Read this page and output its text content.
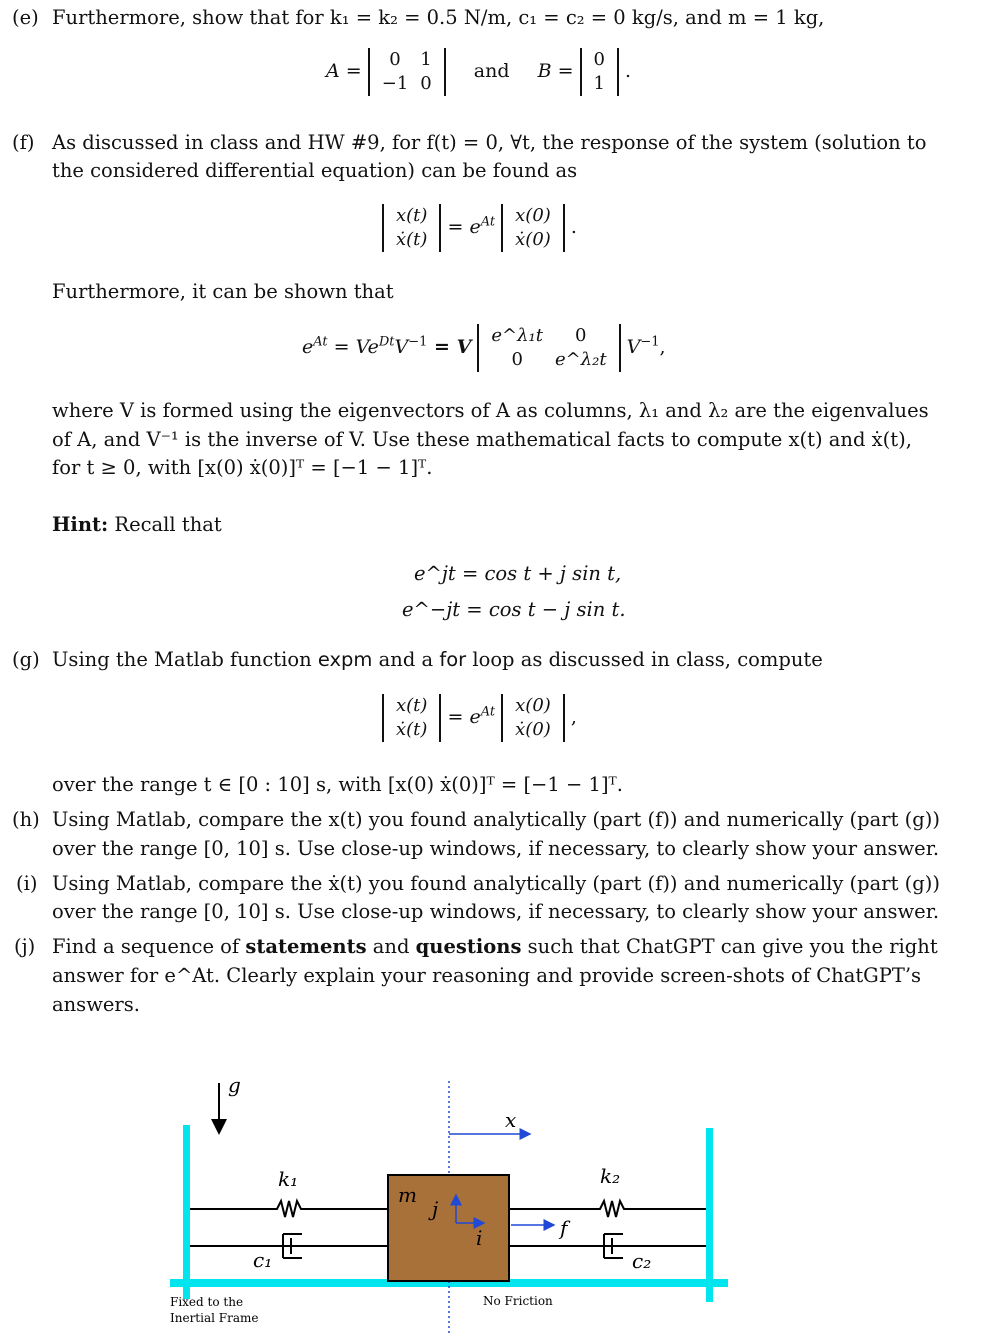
(e) Furthermore, show that for k₁ = k₂ = 0.5 N/m, c₁ = c₂ = 0 kg/s, and m = 1 kg,
A =
0	1
−1	0
and B =
0
1
.
(f) As discussed in class and HW #9, for f(t) = 0, ∀t, the response of the system (solution to
the considered differential equation) can be found as
x(t)
ẋ(t)
= $e^{At}$ x(0)
ẋ(0)
.
Furthermore, it can be shown that
$e^{At} = Ve^{Dt}V^{-1} = V$
e^λ₁t	0
0	e^λ₂t
$V^{-1}$,
where V is formed using the eigenvectors of A as columns, λ₁ and λ₂ are the eigenvalues
of A, and V⁻¹ is the inverse of V. Use these mathematical facts to compute x(t) and ẋ(t),
for t ≥ 0, with [x(0) ẋ(0)]ᵀ = [−1 − 1]ᵀ.
Hint: Recall that
e^jt = cos t + j sin t,
e^−jt = cos t − j sin t.
(g) Using the Matlab function expm and a for loop as discussed in class, compute
x(t)
ẋ(t)
= $e^{At}$ x(0)
ẋ(0)
,
over the range t ∈ [0 : 10] s, with [x(0) ẋ(0)]ᵀ = [−1 − 1]ᵀ.
(h) Using Matlab, compare the x(t) you found analytically (part (f)) and numerically (part (g))
over the range [0, 10] s. Use close-up windows, if necessary, to clearly show your answer.
(i) Using Matlab, compare the ẋ(t) you found analytically (part (f)) and numerically (part (g))
over the range [0, 10] s. Use close-up windows, if necessary, to clearly show your answer.
(j) Find a sequence of statements and questions such that ChatGPT can give you the right
answer for e^At. Clearly explain your reasoning and provide screen-shots of ChatGPT’s
answers.
g
x
k₁
c₁
m
j
i	f
k₂
c₂
Fixed to the
Inertial Frame
No Friction
